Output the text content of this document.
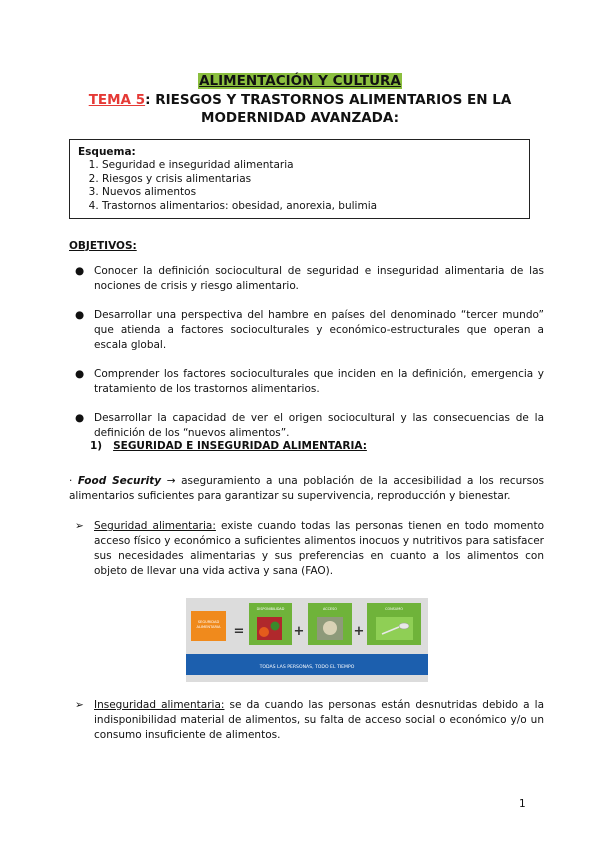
ALIMENTACIÓN Y CULTURA
TEMA 5: RIESGOS Y TRASTORNOS ALIMENTARIOS EN LA MODERNIDAD AVANZADA:
Esquema:
1. Seguridad e inseguridad alimentaria
2. Riesgos y crisis alimentarias
3. Nuevos alimentos
4. Trastornos alimentarios: obesidad, anorexia, bulimia
OBJETIVOS:
● Conocer la definición sociocultural de seguridad e inseguridad alimentaria de las nociones de crisis y riesgo alimentario.
● Desarrollar una perspectiva del hambre en países del denominado “tercer mundo” que atienda a factores socioculturales y económico-estructurales que operan a escala global.
● Comprender los factores socioculturales que inciden en la definición, emergencia y tratamiento de los trastornos alimentarios.
● Desarrollar la capacidad de ver el origen sociocultural y las consecuencias de la definición de los “nuevos alimentos”.
1) SEGURIDAD E INSEGURIDAD ALIMENTARIA:
· Food Security → aseguramiento a una población de la accesibilidad a los recursos alimentarios suficientes para garantizar su supervivencia, reproducción y bienestar.
➢ Seguridad alimentaria: existe cuando todas las personas tienen en todo momento acceso físico y económico a suficientes alimentos inocuos y nutritivos para satisfacer sus necesidades alimentarias y sus preferencias en cuanto a los alimentos con objeto de llevar una vida activa y sana (FAO).
SEGURIDAD
ALIMENTARIA =
DISPONIBILIDAD
+
ACCESO
+
CONSUMO
TODAS LAS PERSONAS, TODO EL TIEMPO
➢ Inseguridad alimentaria: se da cuando las personas están desnutridas debido a la indisponibilidad material de alimentos, su falta de acceso social o económico y/o un consumo insuficiente de alimentos.
1
